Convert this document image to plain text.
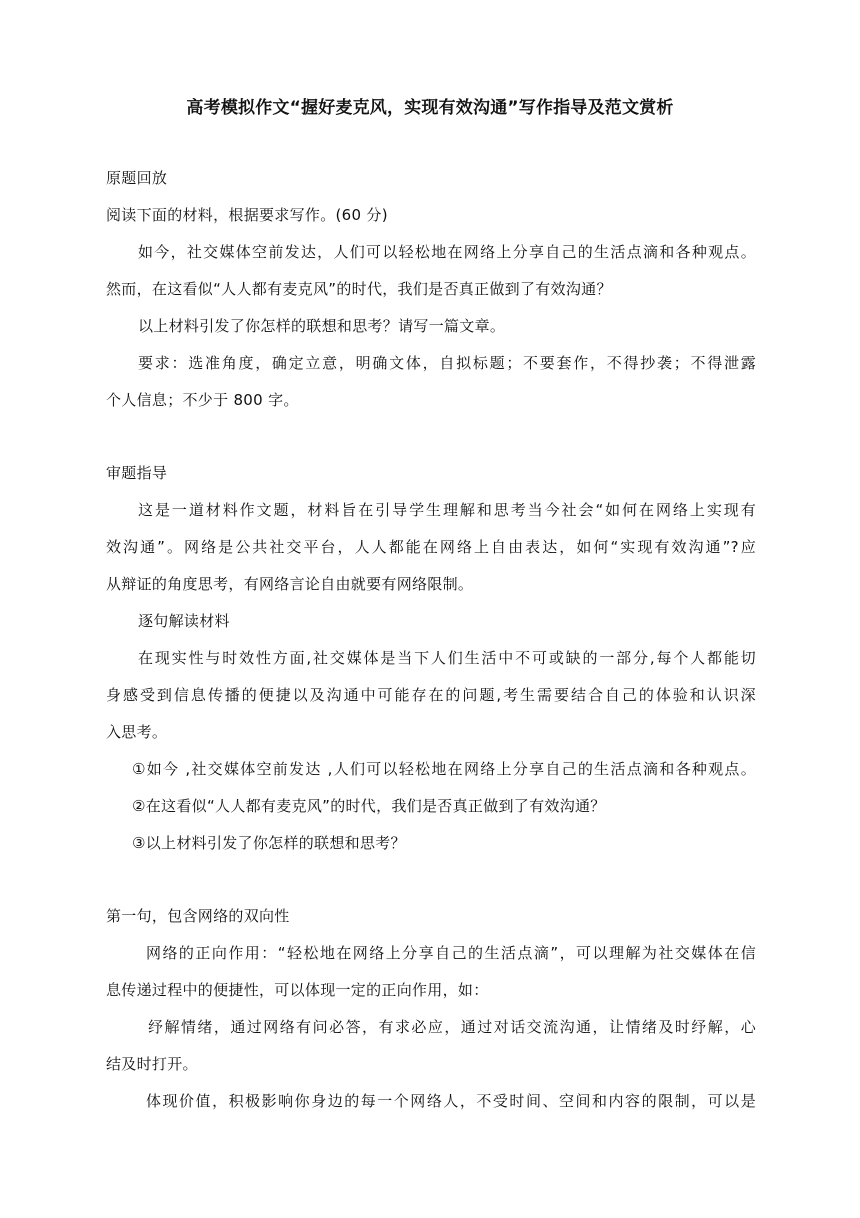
高考模拟作文“握好麦克风，实现有效沟通”写作指导及范文赏析
原题回放
阅读下面的材料，根据要求写作。(60 分)
如今，社交媒体空前发达，人们可以轻松地在网络上分享自己的生活点滴和各种观点。
然而，在这看似“人人都有麦克风”的时代，我们是否真正做到了有效沟通？
以上材料引发了你怎样的联想和思考？请写一篇文章。
要求：选准角度，确定立意，明确文体，自拟标题；不要套作，不得抄袭；不得泄露
个人信息；不少于 800 字。
审题指导
这是一道材料作文题，材料旨在引导学生理解和思考当今社会“如何在网络上实现有
效沟通”。网络是公共社交平台，人人都能在网络上自由表达，如何“实现有效沟通”?应
从辩证的角度思考，有网络言论自由就要有网络限制。
逐句解读材料
在现实性与时效性方面,社交媒体是当下人们生活中不可或缺的一部分,每个人都能切
身感受到信息传播的便捷以及沟通中可能存在的问题,考生需要结合自己的体验和认识深
入思考。
①如今 ,社交媒体空前发达 ,人们可以轻松地在网络上分享自己的生活点滴和各种观点。
②在这看似“人人都有麦克风”的时代，我们是否真正做到了有效沟通？
③以上材料引发了你怎样的联想和思考？
第一句，包含网络的双向性
网络的正向作用：“轻松地在网络上分享自己的生活点滴”，可以理解为社交媒体在信
息传递过程中的便捷性，可以体现一定的正向作用，如：
纾解情绪，通过网络有问必答，有求必应，通过对话交流沟通，让情绪及时纾解，心
结及时打开。
体现价值，积极影响你身边的每一个网络人，不受时间、空间和内容的限制，可以是
